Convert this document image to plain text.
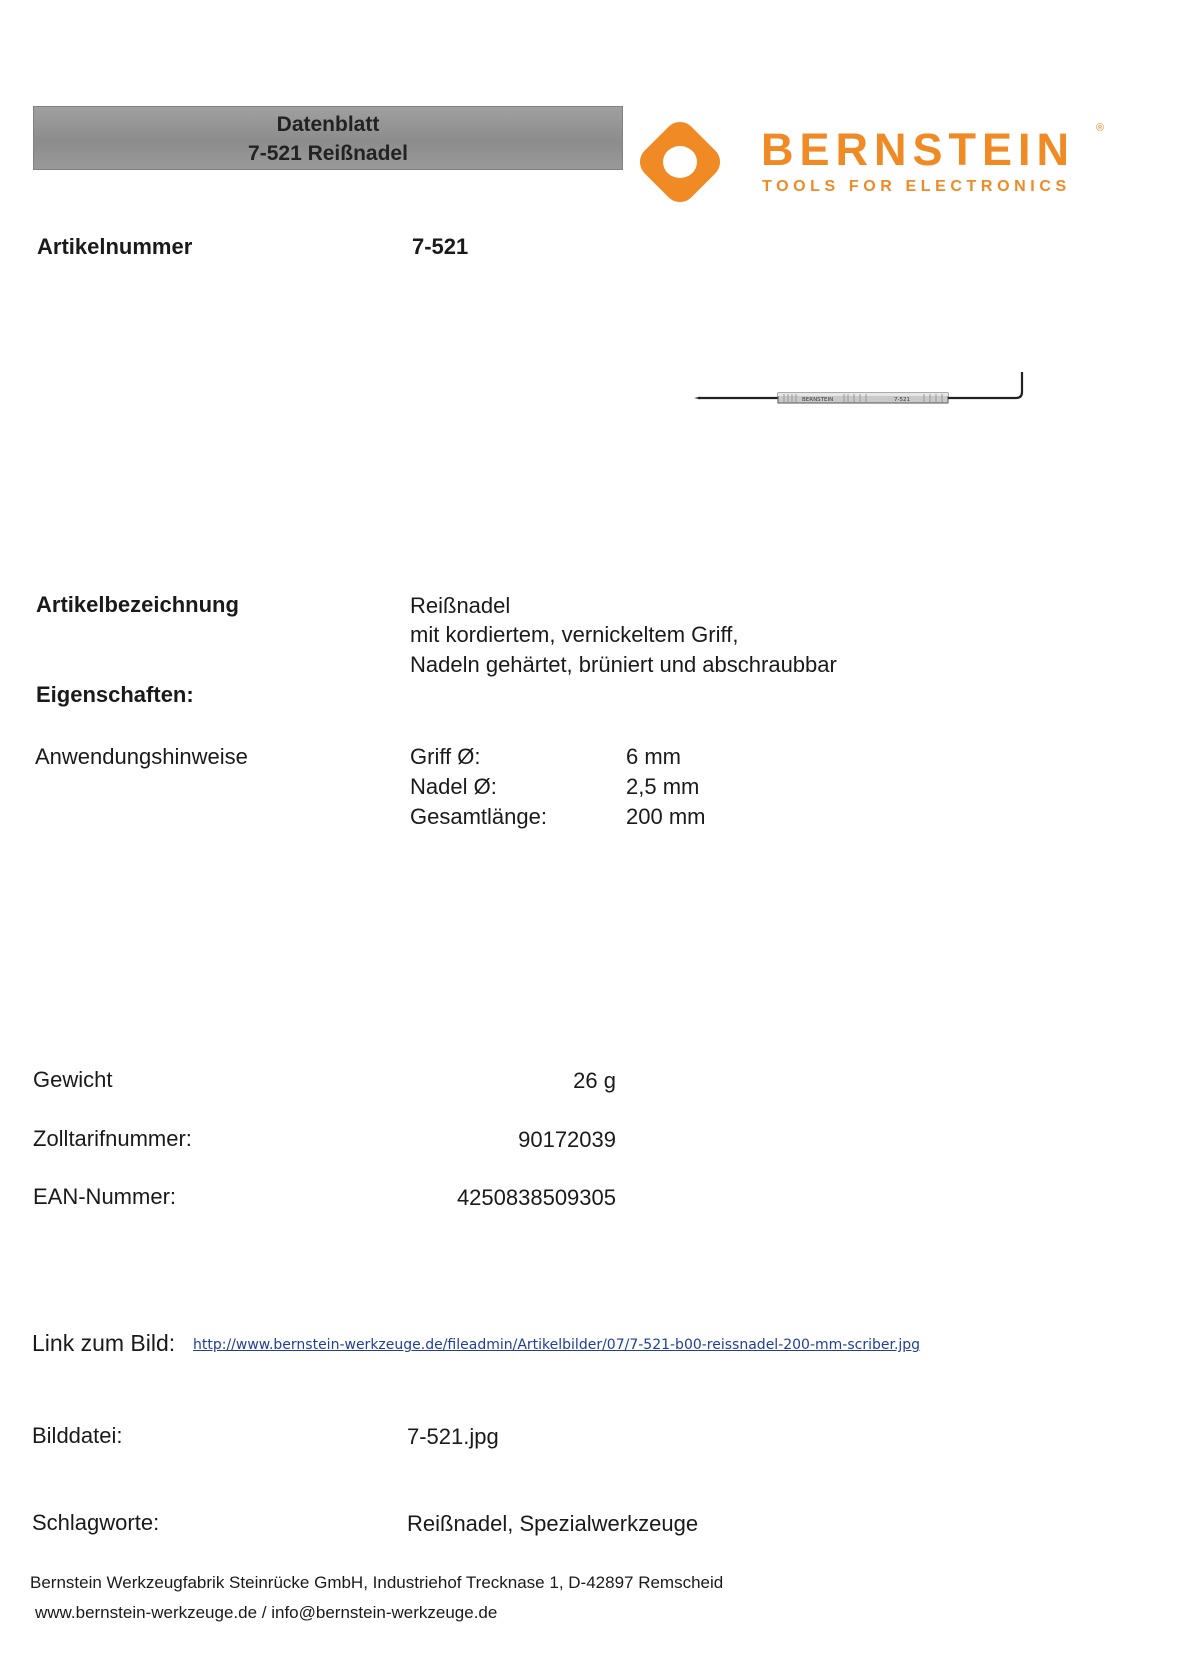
Datenblatt
7-521 Reißnadel	BERNSTEIN ®
TOOLS FOR ELECTRONICS
Artikelnummer	7-521
BERNSTEIN	7-521
Artikelbezeichnung	Reißnadel
mit kordiertem, vernickeltem Griff,
Nadeln gehärtet, brüniert und abschraubbar
Eigenschaften:
Anwendungshinweise	Griff Ø:	6 mm
Nadel Ø:	2,5 mm
Gesamtlänge:	200 mm
Gewicht	26 g
Zolltarifnummer:	90172039
EAN-Nummer:	4250838509305
Link zum Bild: http://www.bernstein-werkzeuge.de/fileadmin/Artikelbilder/07/7-521-b00-reissnadel-200-mm-scriber.jpg
Bilddatei:	7-521.jpg
Schlagworte:	Reißnadel, Spezialwerkzeuge
Bernstein Werkzeugfabrik Steinrücke GmbH, Industriehof Trecknase 1, D-42897 Remscheid
www.bernstein-werkzeuge.de / info@bernstein-werkzeuge.de
